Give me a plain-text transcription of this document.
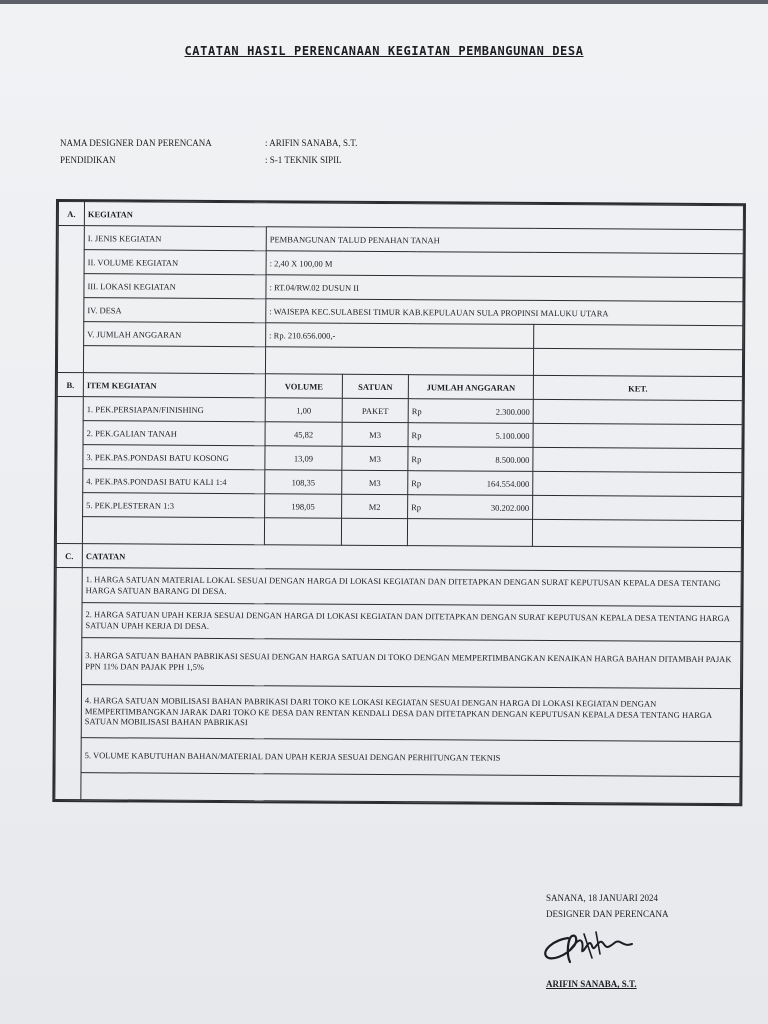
CATATAN HASIL PERENCANAAN KEGIATAN PEMBANGUNAN DESA
NAMA DESIGNER DAN PERENCANA	: ARIFIN SANABA, S.T.
PENDIDIKAN	: S-1 TEKNIK SIPIL
A.	KEGIATAN				
	I. JENIS KEGIATAN	PEMBANGUNAN TALUD PENAHAN TANAH			
	II. VOLUME KEGIATAN	: 2,40 X 100,00 M			
	III. LOKASI KEGIATAN	: RT.04/RW.02 DUSUN II			
	IV. DESA	: WAISEPA KEC.SULABESI TIMUR KAB.KEPULAUAN SULA PROPINSI MALUKU UTARA			
	V. JUMLAH ANGGARAN	: Rp. 210.656.000,-			

B.	ITEM KEGIATAN	VOLUME	SATUAN	JUMLAH ANGGARAN	KET.
	1. PEK.PERSIAPAN/FINISHING	1,00	PAKET	Rp 2.300.000	

	2. PEK.GALIAN TANAH	45,82	M3	Rp 5.100.000	

	3. PEK.PAS.PONDASI BATU KOSONG	13,09	M3	Rp 8.500.000	

	4. PEK.PAS.PONDASI BATU KALI 1:4	108,35	M3	Rp 164.554.000	

	5. PEK.PLESTERAN 1:3	198,05	M2	Rp 30.202.000	

C.	CATATAN				
	1. HARGA SATUAN MATERIAL LOKAL SESUAI DENGAN HARGA DI LOKASI KEGIATAN DAN DITETAPKAN DENGAN SURAT KEPUTUSAN KEPALA DESA TENTANG HARGA SATUAN BARANG DI DESA.				
	2. HARGA SATUAN UPAH KERJA SESUAI DENGAN HARGA DI LOKASI KEGIATAN DAN DITETAPKAN DENGAN SURAT KEPUTUSAN KEPALA DESA TENTANG HARGA SATUAN UPAH KERJA DI DESA.				
	3. HARGA SATUAN BAHAN PABRIKASI SESUAI DENGAN HARGA SATUAN DI TOKO DENGAN MEMPERTIMBANGKAN KENAIKAN HARGA BAHAN DITAMBAH PAJAK PPN 11% DAN PAJAK PPH 1,5%				
	4. HARGA SATUAN MOBILISASI BAHAN PABRIKASI DARI TOKO KE LOKASI KEGIATAN SESUAI DENGAN HARGA DI LOKASI KEGIATAN DENGAN MEMPERTIMBANGKAN JARAK DARI TOKO KE DESA DAN RENTAN KENDALI DESA DAN DITETAPKAN DENGAN KEPUTUSAN KEPALA DESA TENTANG HARGA SATUAN MOBILISASI BAHAN PABRIKASI				
	5. VOLUME KABUTUHAN BAHAN/MATERIAL DAN UPAH KERJA SESUAI DENGAN PERHITUNGAN TEKNIS				

SANANA, 18 JANUARI 2024
DESIGNER DAN PERENCANA
ARIFIN SANABA, S.T.
